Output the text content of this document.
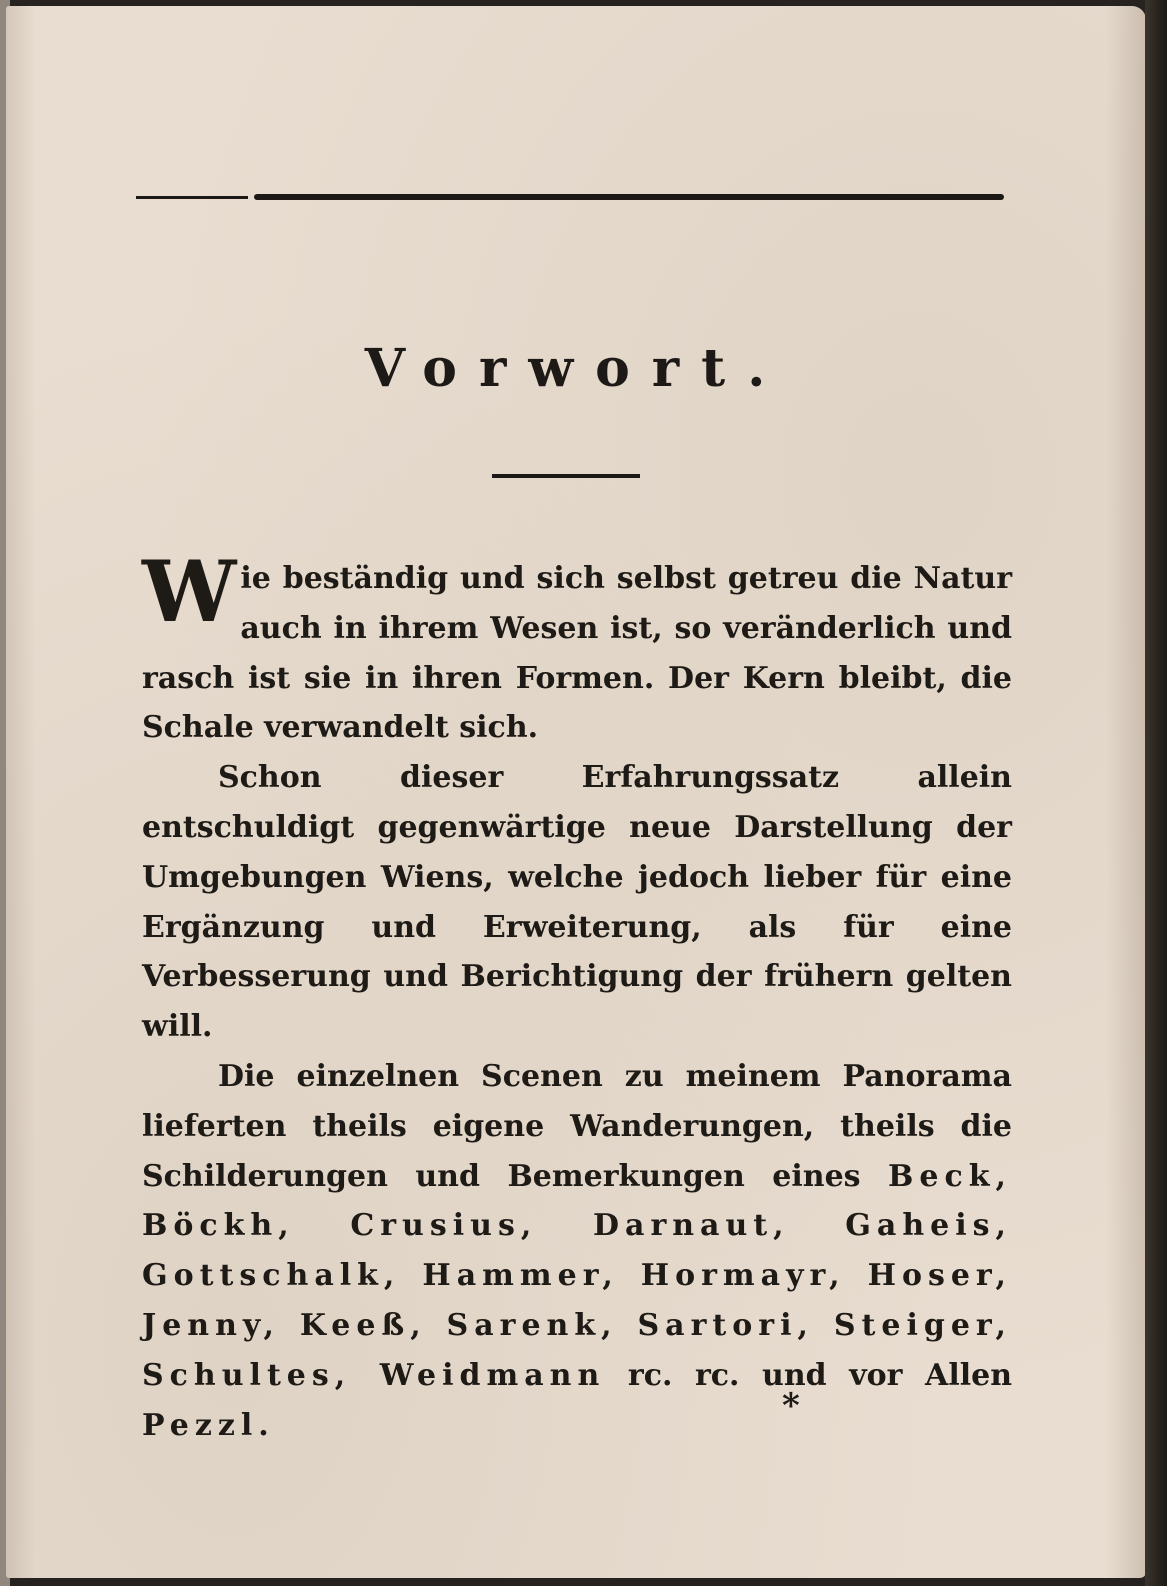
Vorwort.

Wie beständig und sich selbst getreu die Natur auch in ihrem Wesen ist, so veränderlich und rasch ist sie in ihren Formen. Der Kern bleibt, die Schale verwandelt sich.

Schon dieser Erfahrungssatz allein entschuldigt gegenwärtige neue Darstellung der Umgebungen Wiens, welche jedoch lieber für eine Ergänzung und Erweiterung, als für eine Verbesserung und Berichtigung der frühern gelten will.

Die einzelnen Scenen zu meinem Panorama lieferten theils eigene Wanderungen, theils die Schilderungen und Bemerkungen eines Beck, Böckh, Crusius, Darnaut, Gaheis, Gottschalk, Hammer, Hormayr, Hoser, Jenny, Keeß, Sarenk, Sartori, Steiger, Schultes, Weidmann rc. rc. und vor Allen Pezzl.	*
